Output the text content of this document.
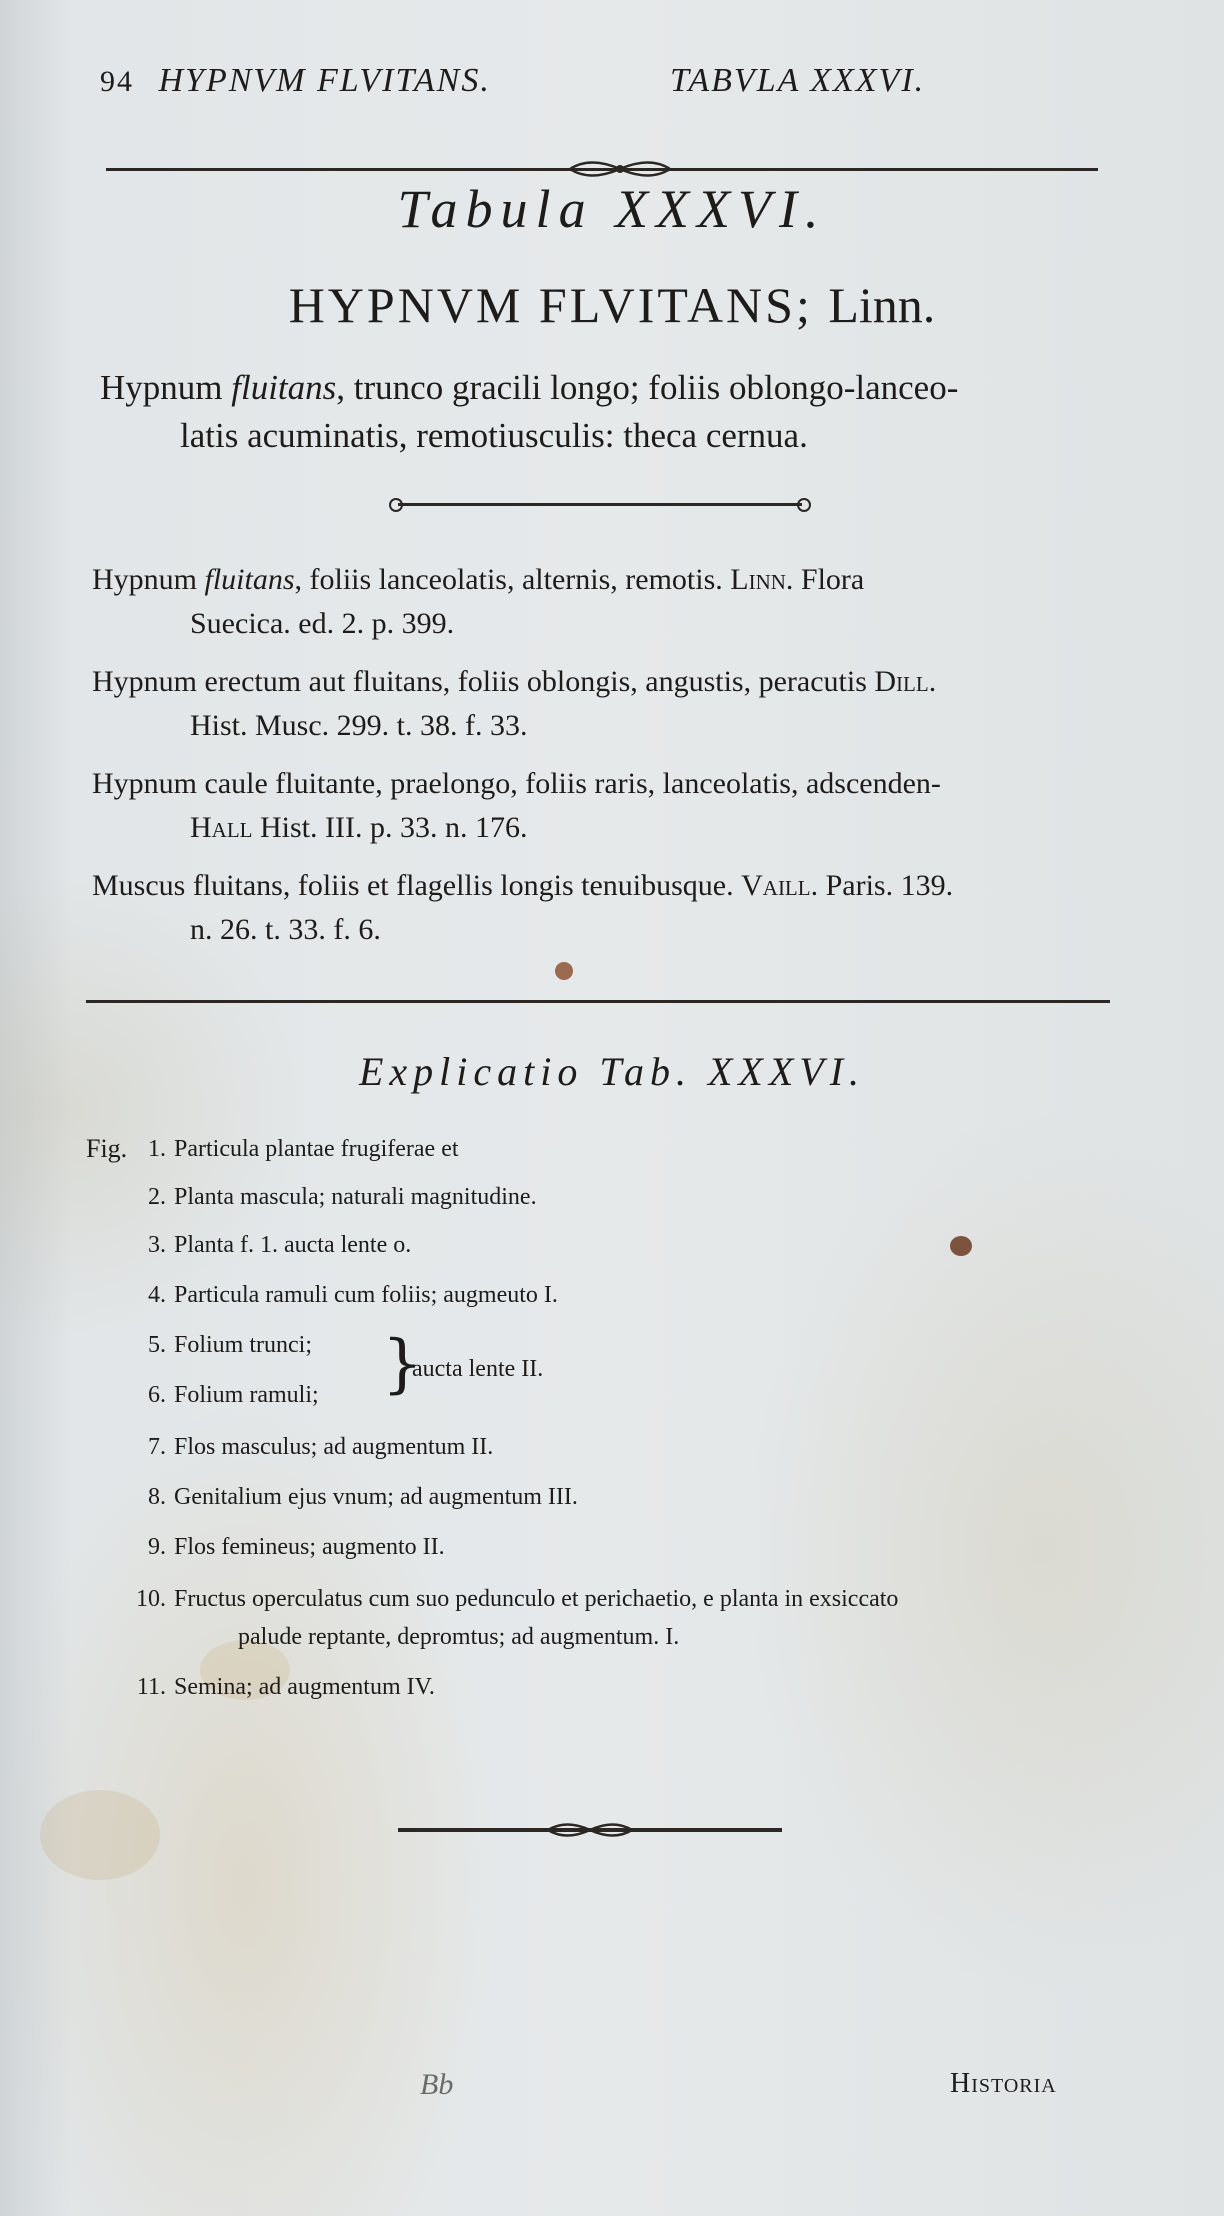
94 HYPNVM FLVITANS.	TABVLA XXXVI.
Tabula XXXVI.
HYPNVM FLVITANS; Linn.
Hypnum fluitans, trunco gracili longo; foliis oblongo-lanceo-
latis acuminatis, remotiusculis: theca cernua.
Hypnum fluitans, foliis lanceolatis, alternis, remotis. Linn. Flora
Suecica. ed. 2. p. 399.
Hypnum erectum aut fluitans, foliis oblongis, angustis, peracutis Dill.
Hist. Musc. 299. t. 38. f. 33.
Hypnum caule fluitante, praelongo, foliis raris, lanceolatis, adscenden-
Hall Hist. III. p. 33. n. 176.
Muscus fluitans, foliis et flagellis longis tenuibusque. Vaill. Paris. 139.
n. 26. t. 33. f. 6.
Explicatio Tab. XXXVI.
Fig. 1. Particula plantae frugiferae et
2. Planta mascula; naturali magnitudine.
3. Planta f. 1. aucta lente o.
4. Particula ramuli cum foliis; augmeuto I.
5. Folium trunci;
6. Folium ramuli; }
aucta lente II.
7. Flos masculus; ad augmentum II.
8. Genitalium ejus vnum; ad augmentum III.
9. Flos femineus; augmento II.
10. Fructus operculatus cum suo pedunculo et perichaetio, e planta in exsiccato
palude reptante, depromtus; ad augmentum. I.
11. Semina; ad augmentum IV.
Bb	Historia
